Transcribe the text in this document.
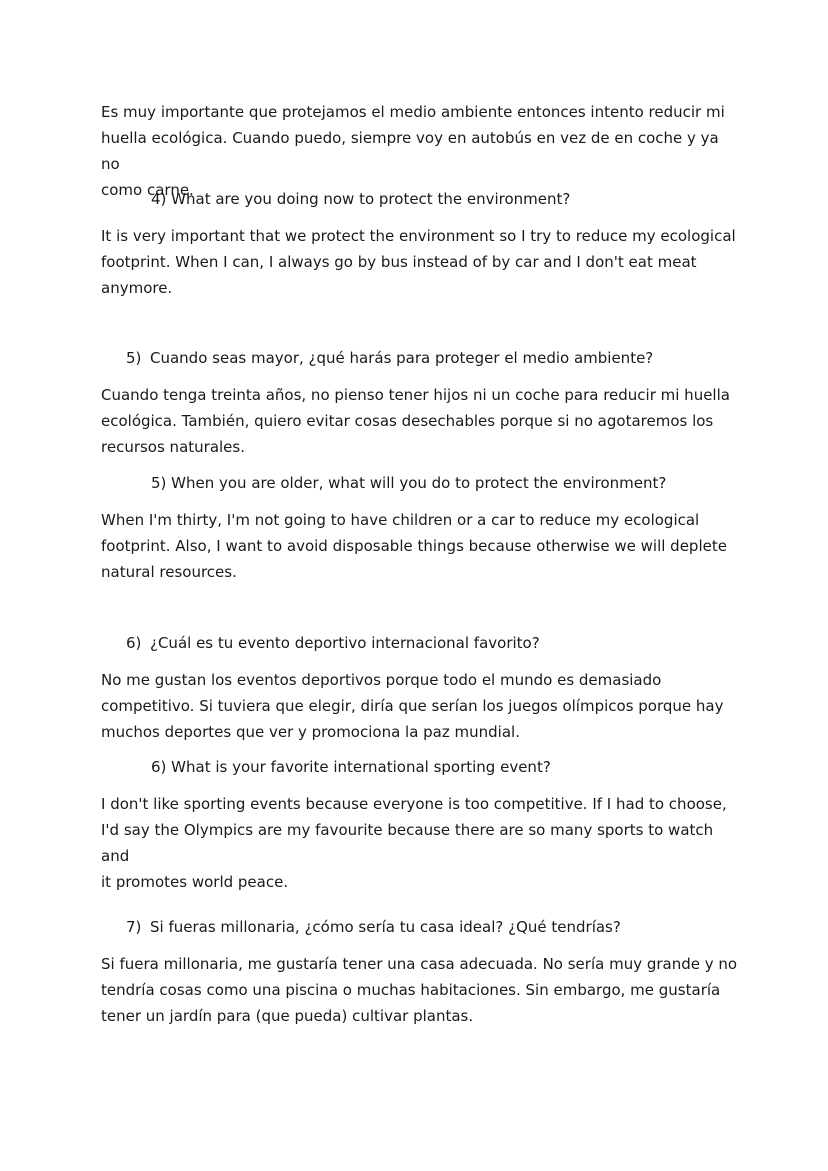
Es muy importante que protejamos el medio ambiente entonces intento reducir mi
huella ecológica. Cuando puedo, siempre voy en autobús en vez de en coche y ya no
como carne.

4) What are you doing now to protect the environment?

It is very important that we protect the environment so I try to reduce my ecological
footprint. When I can, I always go by bus instead of by car and I don't eat meat
anymore.

5) Cuando seas mayor, ¿qué harás para proteger el medio ambiente?

Cuando tenga treinta años, no pienso tener hijos ni un coche para reducir mi huella
ecológica. También, quiero evitar cosas desechables porque si no agotaremos los
recursos naturales.

5) When you are older, what will you do to protect the environment?

When I'm thirty, I'm not going to have children or a car to reduce my ecological
footprint. Also, I want to avoid disposable things because otherwise we will deplete
natural resources.

6) ¿Cuál es tu evento deportivo internacional favorito?

No me gustan los eventos deportivos porque todo el mundo es demasiado
competitivo. Si tuviera que elegir, diría que serían los juegos olímpicos porque hay
muchos deportes que ver y promociona la paz mundial.

6) What is your favorite international sporting event?

I don't like sporting events because everyone is too competitive. If I had to choose,
I'd say the Olympics are my favourite because there are so many sports to watch and
it promotes world peace.

7) Si fueras millonaria, ¿cómo sería tu casa ideal? ¿Qué tendrías?

Si fuera millonaria, me gustaría tener una casa adecuada. No sería muy grande y no
tendría cosas como una piscina o muchas habitaciones. Sin embargo, me gustaría
tener un jardín para (que pueda) cultivar plantas.
